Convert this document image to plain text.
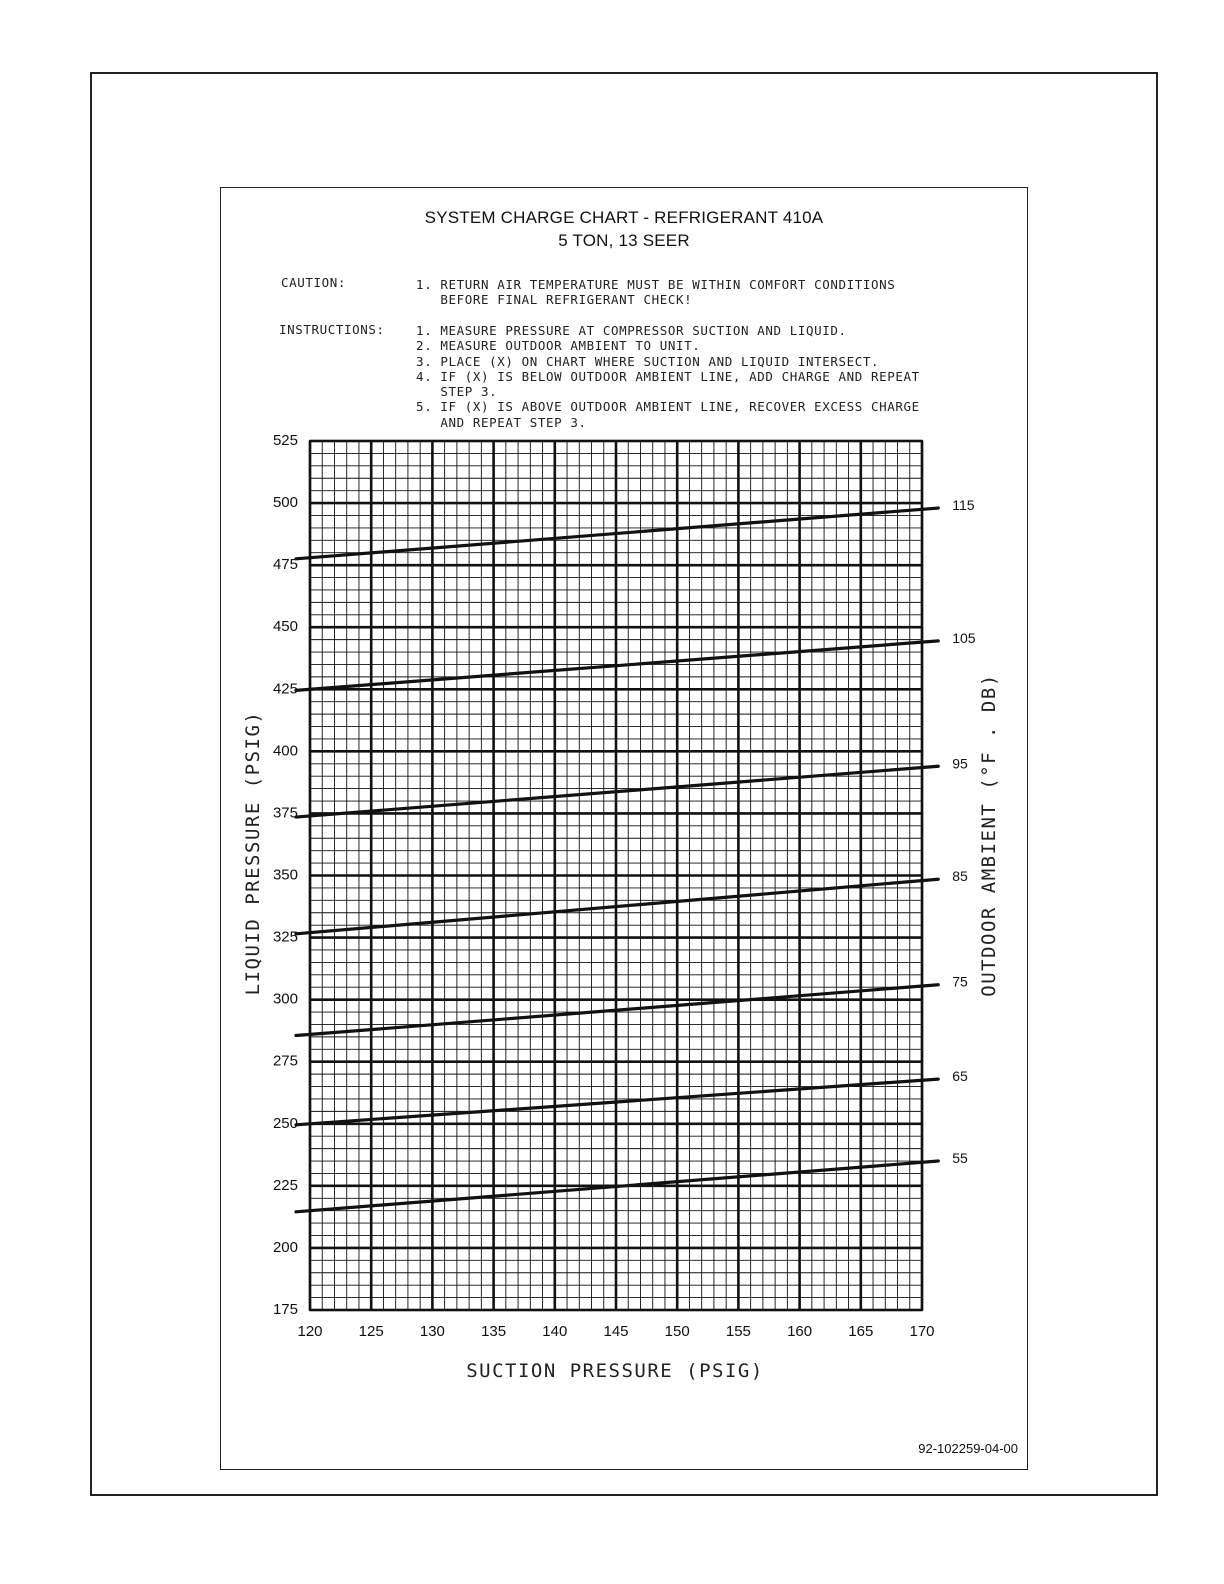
SYSTEM CHARGE CHART - REFRIGERANT 410A
5 TON, 13 SEER
CAUTION:	1. RETURN AIR TEMPERATURE MUST BE WITHIN COMFORT CONDITIONS
BEFORE FINAL REFRIGERANT CHECK!
INSTRUCTIONS:	1. MEASURE PRESSURE AT COMPRESSOR SUCTION AND LIQUID.
2. MEASURE OUTDOOR AMBIENT TO UNIT.
3. PLACE (X) ON CHART WHERE SUCTION AND LIQUID INTERSECT.
4. IF (X) IS BELOW OUTDOOR AMBIENT LINE, ADD CHARGE AND REPEAT
STEP 3.
5. IF (X) IS ABOVE OUTDOOR AMBIENT LINE, RECOVER EXCESS CHARGE
AND REPEAT STEP 3.
115
105
95
85
75
65
55
120 125 130 135 140 145 150 155 160 165 170
175
200
225
250
275
300
325
350
375
400
425
450
475
500
525
SUCTION PRESSURE (PSIG)
LIQUID PRESSURE (PSIG)	OUTDOOR AMBIENT (°F . DB)
92-102259-04-00
